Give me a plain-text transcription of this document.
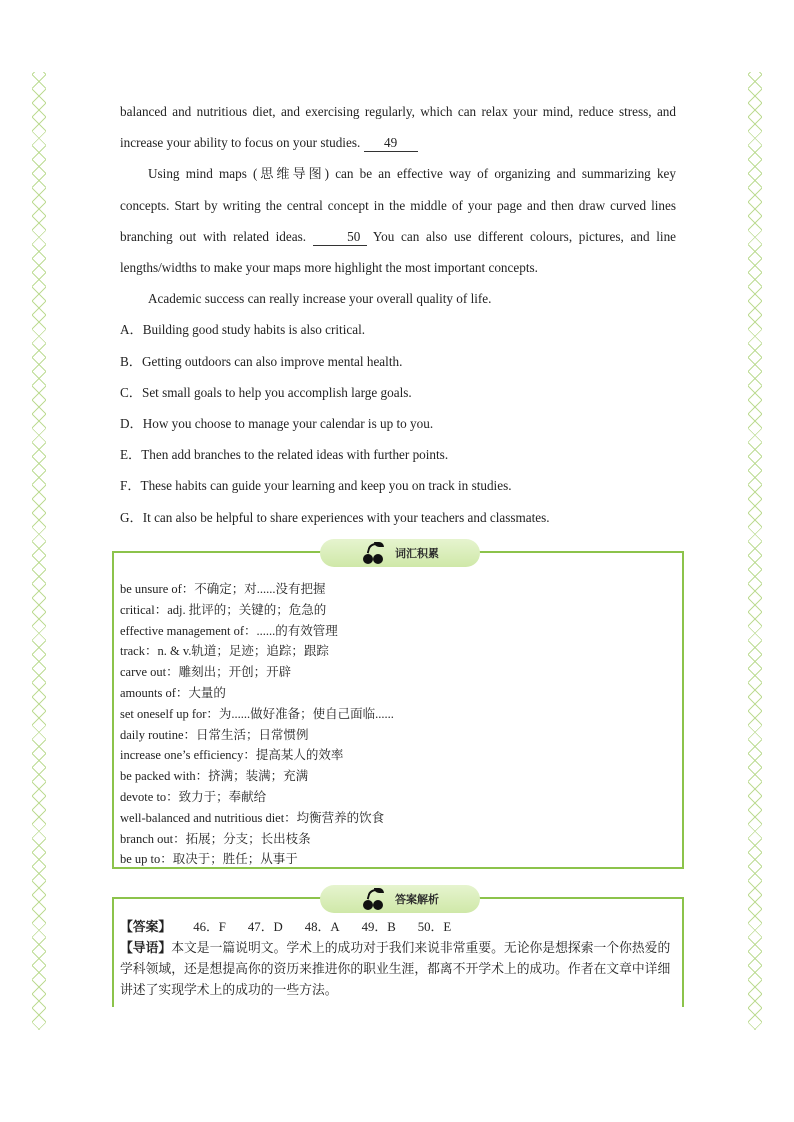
balanced and nutritious diet, and exercising regularly, which can relax your mind, reduce stress, and increase your ability to focus on your studies. 49

Using mind maps (思维导图) can be an effective way of organizing and summarizing key concepts. Start by writing the central concept in the middle of your page and then draw curved lines branching out with related ideas.	50 You can also use different colours, pictures, and line lengths/widths to make your maps more highlight the most important concepts.

Academic success can really increase your overall quality of life.

A．Building good study habits is also critical.

B．Getting outdoors can also improve mental health.

C．Set small goals to help you accomplish large goals.

D．How you choose to manage your calendar is up to you.

E．Then add branches to the related ideas with further points.

F．These habits can guide your learning and keep you on track in studies.

G．It can also be helpful to share experiences with your teachers and classmates.

词汇积累
be unsure of：不确定；对......没有把握
critical：adj. 批评的；关键的；危急的
effective management of：......的有效管理
track：n. & v.轨道；足迹；追踪；跟踪
carve out：雕刻出；开创；开辟
amounts of：大量的
set oneself up for：为......做好准备；使自己面临......
daily routine：日常生活；日常惯例
increase one’s efficiency：提高某人的效率
be packed with：挤满；装满；充满
devote to：致力于；奉献给
well-balanced and nutritious diet：均衡营养的饮食
branch out：拓展；分支；长出枝条
be up to：取决于；胜任；从事于
答案解析

【答案】 46．F 47．D 48．A 49．B 50．E

【导语】本文是一篇说明文。学术上的成功对于我们来说非常重要。无论你是想探索一个你热爱的学科领域，还是想提高你的资历来推进你的职业生涯，都离不开学术上的成功。作者在文章中详细讲述了实现学术上的成功的一些方法。
